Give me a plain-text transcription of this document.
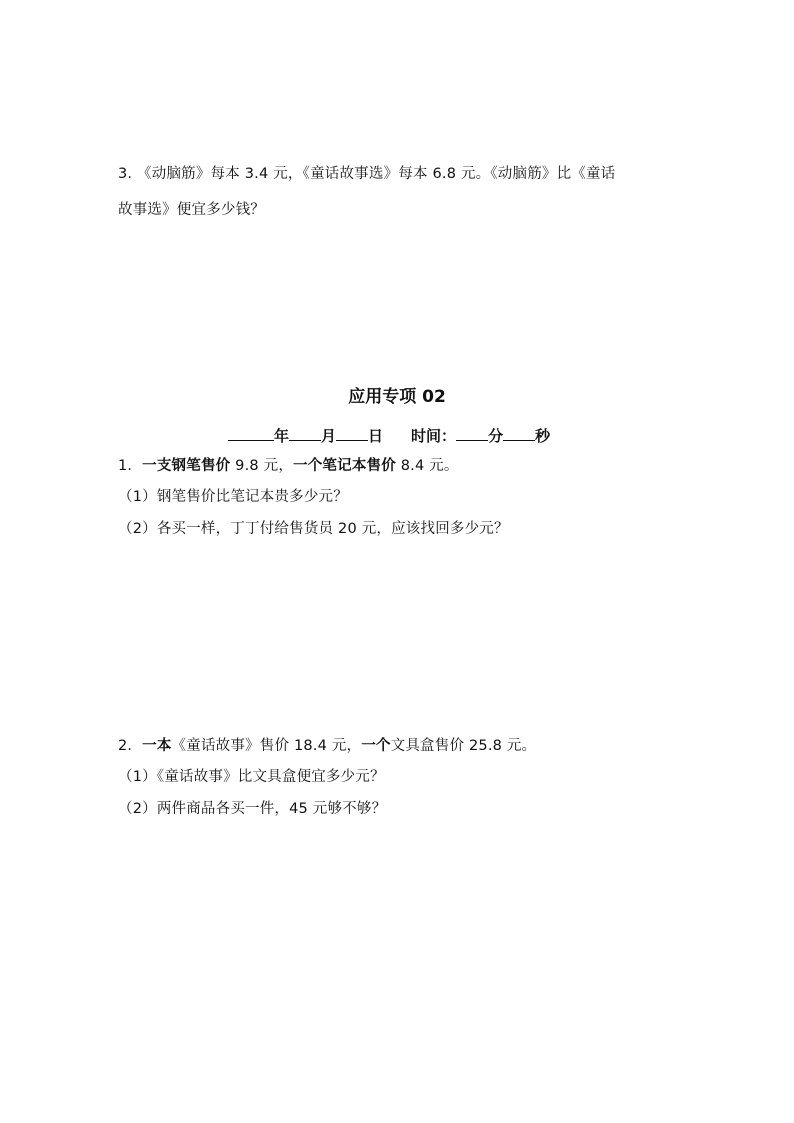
3. 《动脑筋》每本 3.4 元，《童话故事选》每本 6.8 元。《动脑筋》比《童话
故事选》便宜多少钱？
应用专项 02
年 月 日 时间： 分 秒
1．一支钢笔售价 9.8 元，一个笔记本售价 8.4 元。
（1）钢笔售价比笔记本贵多少元？
（2）各买一样，丁丁付给售货员 20 元，应该找回多少元？
2．一本《童话故事》售价 18.4 元，一个文具盒售价 25.8 元。
（1）《童话故事》比文具盒便宜多少元？
（2）两件商品各买一件，45 元够不够？
